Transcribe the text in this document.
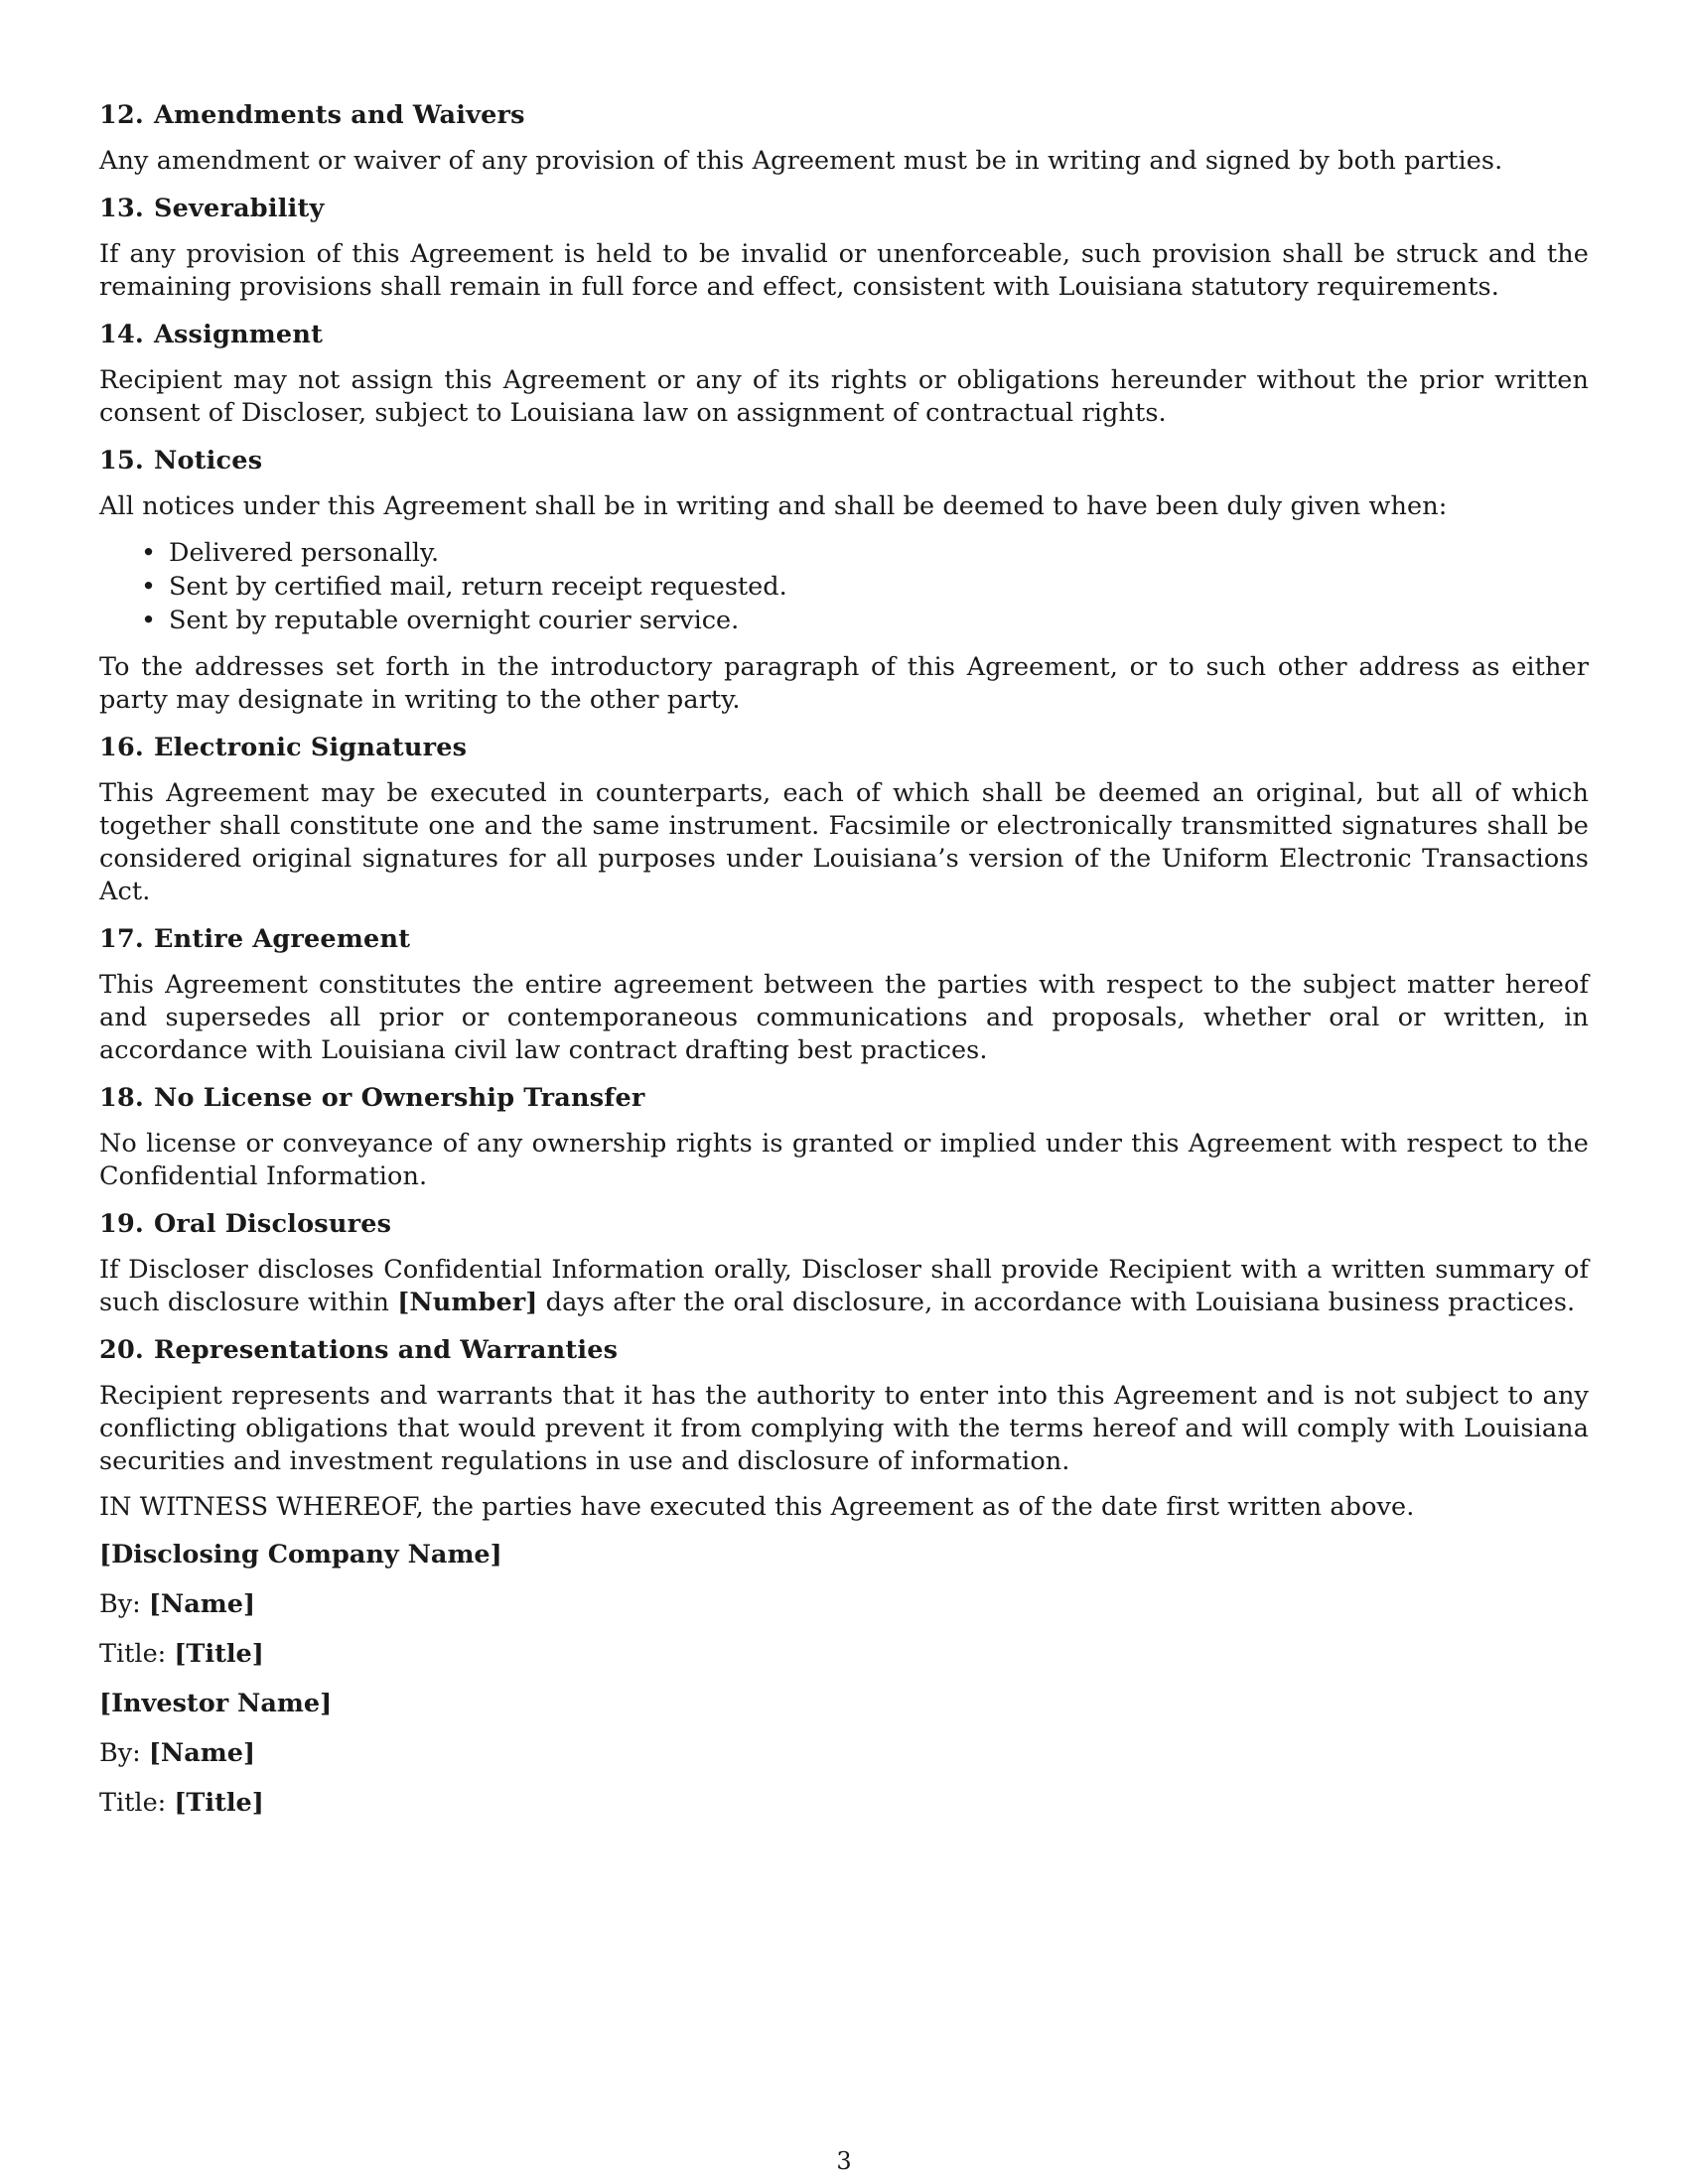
12. Amendments and Waivers

Any amendment or waiver of any provision of this Agreement must be in writing and signed by both parties.

13. Severability

If any provision of this Agreement is held to be invalid or unenforceable, such provision shall be struck and the remaining provisions shall remain in full force and effect, consistent with Louisiana statutory requirements.

14. Assignment

Recipient may not assign this Agreement or any of its rights or obligations hereunder without the prior written consent of Discloser, subject to Louisiana law on assignment of contractual rights.

15. Notices

All notices under this Agreement shall be in writing and shall be deemed to have been duly given when:

• Delivered personally.
• Sent by certified mail, return receipt requested.
• Sent by reputable overnight courier service.

To the addresses set forth in the introductory paragraph of this Agreement, or to such other address as either party may designate in writing to the other party.

16. Electronic Signatures

This Agreement may be executed in counterparts, each of which shall be deemed an original, but all of which together shall constitute one and the same instrument. Facsimile or electronically transmitted signatures shall be considered original signatures for all purposes under Louisiana’s version of the Uniform Electronic Transactions Act.

17. Entire Agreement

This Agreement constitutes the entire agreement between the parties with respect to the subject matter hereof and supersedes all prior or contemporaneous communications and proposals, whether oral or written, in accordance with Louisiana civil law contract drafting best practices.

18. No License or Ownership Transfer

No license or conveyance of any ownership rights is granted or implied under this Agreement with respect to the Confidential Information.

19. Oral Disclosures

If Discloser discloses Confidential Information orally, Discloser shall provide Recipient with a written summary of such disclosure within [Number] days after the oral disclosure, in accordance with Louisiana business practices.

20. Representations and Warranties

Recipient represents and warrants that it has the authority to enter into this Agreement and is not subject to any conflicting obligations that would prevent it from complying with the terms hereof and will comply with Louisiana securities and investment regulations in use and disclosure of information.

IN WITNESS WHEREOF, the parties have executed this Agreement as of the date first written above.

[Disclosing Company Name]
By: [Name]
Title: [Title]
[Investor Name]
By: [Name]
Title: [Title]
3
